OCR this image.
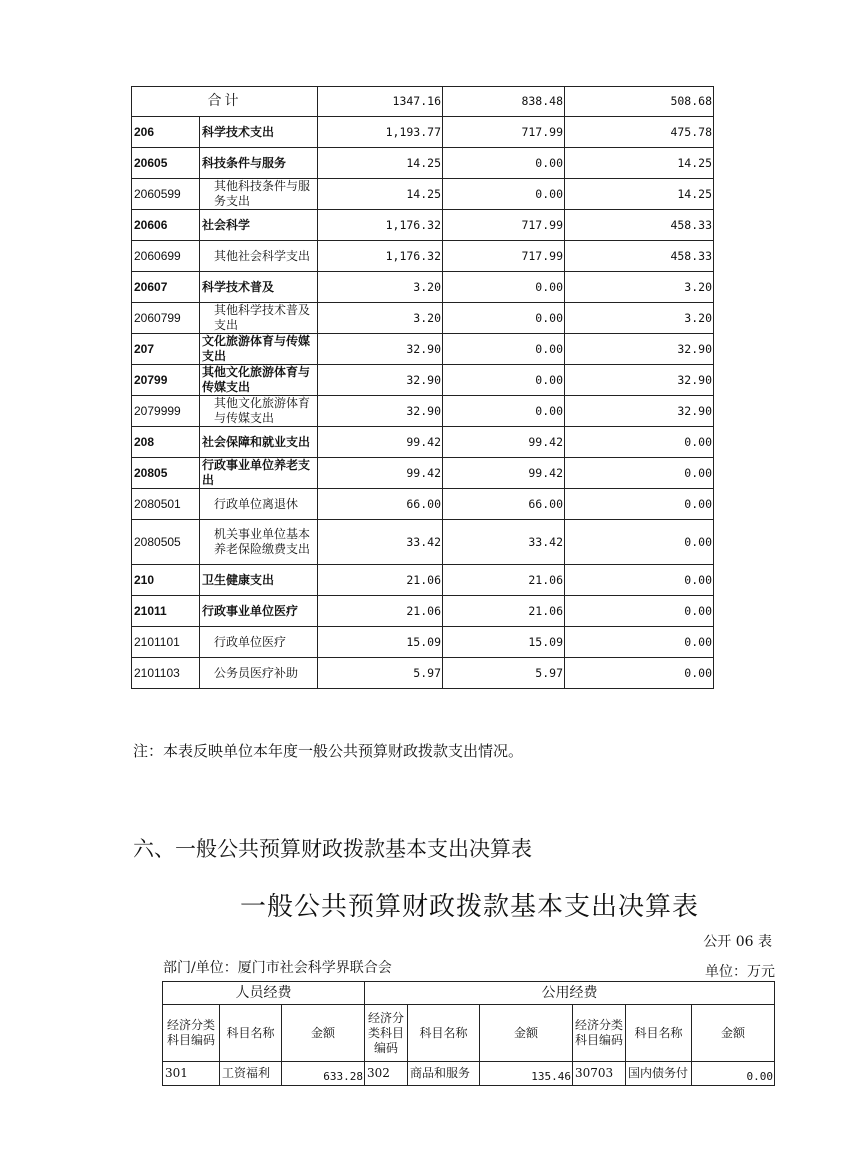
合计		1347.16	838.48	508.68
206	科学技术支出	1,193.77	717.99	475.78
20605	科技条件与服务	14.25	0.00	14.25
2060599	其他科技条件与服务支出	14.25	0.00	14.25
20606	社会科学	1,176.32	717.99	458.33
2060699	其他社会科学支出	1,176.32	717.99	458.33
20607	科学技术普及	3.20	0.00	3.20
2060799	其他科学技术普及支出	3.20	0.00	3.20
207	文化旅游体育与传媒支出	32.90	0.00	32.90
20799	其他文化旅游体育与传媒支出	32.90	0.00	32.90
2079999	其他文化旅游体育与传媒支出	32.90	0.00	32.90
208	社会保障和就业支出	99.42	99.42	0.00
20805	行政事业单位养老支出	99.42	99.42	0.00
2080501	行政单位离退休	66.00	66.00	0.00
2080505	机关事业单位基本养老保险缴费支出	33.42	33.42	0.00
210	卫生健康支出	21.06	21.06	0.00
21011	行政事业单位医疗	21.06	21.06	0.00
2101101	行政单位医疗	15.09	15.09	0.00
2101103	公务员医疗补助	5.97	5.97	0.00
注：本表反映单位本年度一般公共预算财政拨款支出情况。
六、一般公共预算财政拨款基本支出决算表
一般公共预算财政拨款基本支出决算表
公开 06 表
部门/单位：厦门市社会科学界联合会	单位：万元
人员经费			公用经费					
经济分类科目编码	科目名称	金额	经济分类科目编码	科目名称	金额	经济分类科目编码	科目名称	金额
301	工资福利	633.28	302	商品和服务	135.46	30703	国内债务付	0.00
